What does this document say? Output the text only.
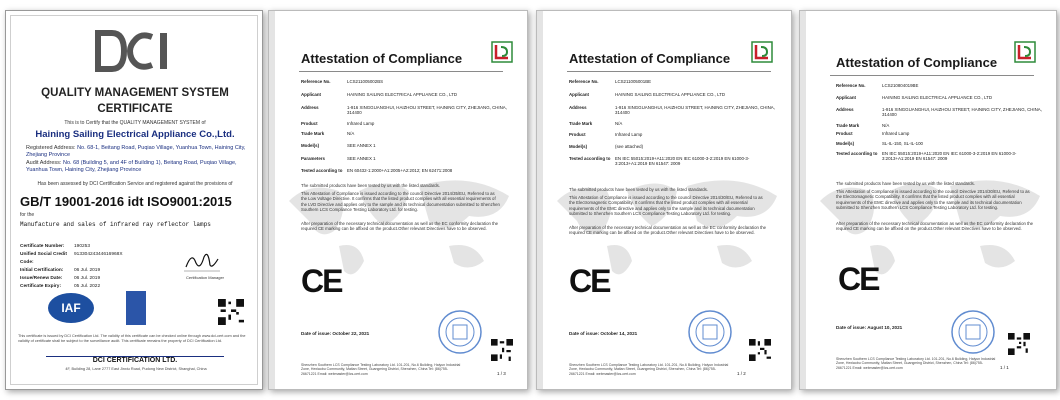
QUALITY MANAGEMENT SYSTEM
CERTIFICATE
This is to Certify that the QUALITY MANAGEMENT SYSTEM of
Haining Sailing Electrical Appliance Co.,Ltd.
Registered Address: No. 68-1, Beitang Road, Puqiao Village, Yuanhua Town, Haining City, Zhejiang Province
Audit Address: No. 68 (Building 5, and 4F of Building 1), Beitang Road, Puqiao Village, Yuanhua Town, Haining City, Zhejiang Province
Has been assessed by DCI Certification Service and registered against the provisions of
GB/T 19001-2016 idt ISO9001:2015
for the
Manufacture and sales of infrared ray reflector lamps
Certificate Number:	190253
Unified Social Credit Code:
91330424344616968X
Initial Certification:	06 Jul. 2019
Issue/Renew Date:	06 Jul. 2019
Certificate Expiry:	05 Jul. 2022
Certification Manager
IAF
This certificate is issued by DCI Certification Ltd. The validity of this certificate can be checked online through www.dci-cert.com and the validity of certificate shall be subject to the surveillance audit. This certificate remains the property of DCI Certification Ltd.
DCI CERTIFICATION LTD.
4F, Building 28, Lane 2777 East Jinxiu Road, Pudong New District, Shanghai, China
Attestation of Compliance
Reference No.	LCS211005002BS
Applicant	HAINING SAILING ELECTRICAL APPLIANCE CO., LTD
Address	1-916 XINGGUANGHUI, HAIZHOU STREET, HAINING CITY, ZHEJIANG, CHINA, 314400
Product	Infrared Lamp
Trade Mark	N/A
Model(s)	SEE ANNEX 1
Parameters	SEE ANNEX 1
Tested according to	EN 60432-1:2000+A1:2005+A2:2012; EN 62471:2008
The submitted products have been tested by us with the listed standards.
This Attestation of Compliance is issued according to the council Directive 2014/35/EU, Referred to as the Low Voltage Directive. It confirms that the listed product complies with all essential requirements of the LVD Directive and applies only to the sample and its technical documentation submitted to Shenzhen Southern LCS Compliance Testing Laboratory Ltd. for testing.
After preparation of the necessary technical documentation as well as the EC conformity declaration the required CE marking can be affixed on the product.Other relevant Directives have to be observed.
CE
Date of issue: October 22, 2021
Shenzhen Southern LCS Compliance Testing Laboratory Ltd. 101-201, No.6 Building, Haiyun Industrial Zone, Hexiaobu Community, Matian Street, Guangming District, Shenzhen, China Tel: (86)755-26671221 Email: webmaster@lcs-cert.com	1 / 3
Attestation of Compliance
Reference No.	LCS211005001BE
Applicant	HAINING SAILING ELECTRICAL APPLIANCE CO., LTD
Address	1-916 XINGGUANGHUI, HAIZHOU STREET, HAINING CITY, ZHEJIANG, CHINA, 314400
Trade Mark	N/A
Product	Infrared Lamp
Model(s)	(see attached)
Tested according to	EN IEC 55015:2019+A11:2020 EN IEC 61000-3-2:2019 EN 61000-3-3:2013+A1:2019 EN 61547: 2009
The submitted products have been tested by us with the listed standards.
This Attestation of Compliance is issued according to the council Directive 2014/30/EU, Referred to as the Electromagnetic Compatibility. It confirms that the listed product complies with all essential requirements of the EMC directive and applies only to the sample and its technical documentation submitted to Shenzhen Southern LCS Compliance Testing Laboratory Ltd. for testing.
After preparation of the necessary technical documentation as well as the EC conformity declaration the required CE marking can be affixed on the product.Other relevant Directives have to be observed.
CE
Date of issue: October 14, 2021
Shenzhen Southern LCS Compliance Testing Laboratory Ltd. 101-201, No.6 Building, Haiyun Industrial Zone, Hexiaobu Community, Matian Street, Guangming District, Shenzhen, China Tel: (86)755-26671221 Email: webmaster@lcs-cert.com	1 / 2
Attestation of Compliance
Reference No.	LCS210804019BE
Applicant	HAINING SAILING ELECTRICAL APPLIANCE CO., LTD
Address	1-916 XINGGUANGHUI, HAIZHOU STREET, HAINING CITY, ZHEJIANG, CHINA, 314400
Trade Mark	N/A
Product	Infrared Lamp
Model(s)	SL-IL-150, SL-IL-100
Tested according to	EN IEC 55015:2019+A11:2020 EN IEC 61000-3-2:2019 EN 61000-3-3:2013+A1:2019 EN 61547: 2009
The submitted products have been tested by us with the listed standards.
This Attestation of Compliance is issued according to the council Directive 2014/30/EU, Referred to as the Electromagnetic Compatibility. It confirms that the listed product complies with all essential requirements of the EMC directive and applies only to the sample and its technical documentation submitted to Shenzhen Southern LCS Compliance Testing Laboratory Ltd. for testing.
After preparation of the necessary technical documentation as well as the EC conformity declaration the required CE marking can be affixed on the product.Other relevant Directives have to be observed.
CE
Date of issue: August 10, 2021
Shenzhen Southern LCS Compliance Testing Laboratory Ltd. 101-201, No.6 Building, Haiyun Industrial Zone, Hexiaobu Community, Matian Street, Guangming District, Shenzhen, China Tel: (86)755-26671221 Email: webmaster@lcs-cert.com	1 / 1
